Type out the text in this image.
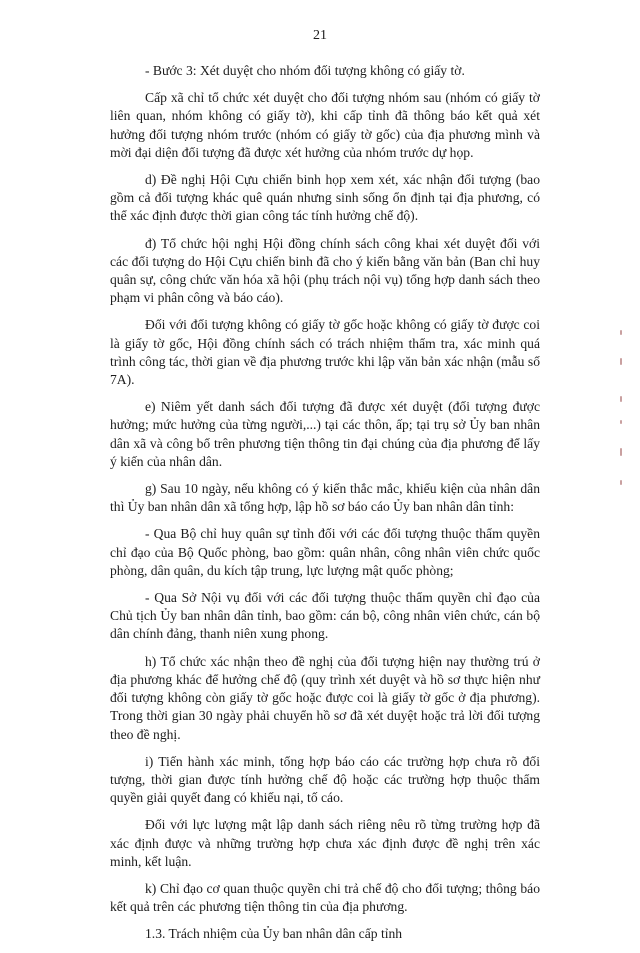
21

- Bước 3: Xét duyệt cho nhóm đối tượng không có giấy tờ.

Cấp xã chỉ tổ chức xét duyệt cho đối tượng nhóm sau (nhóm có giấy tờ liên quan, nhóm không có giấy tờ), khi cấp tỉnh đã thông báo kết quả xét hưởng đối tượng nhóm trước (nhóm có giấy tờ gốc) của địa phương mình và mời đại diện đối tượng đã được xét hưởng của nhóm trước dự họp.

d) Đề nghị Hội Cựu chiến binh họp xem xét, xác nhận đối tượng (bao gồm cả đối tượng khác quê quán nhưng sinh sống ổn định tại địa phương, có thể xác định được thời gian công tác tính hưởng chế độ).

đ) Tổ chức hội nghị Hội đồng chính sách công khai xét duyệt đối với các đối tượng do Hội Cựu chiến binh đã cho ý kiến bằng văn bản (Ban chỉ huy quân sự, công chức văn hóa xã hội (phụ trách nội vụ) tổng hợp danh sách theo phạm vi phân công và báo cáo).

Đối với đối tượng không có giấy tờ gốc hoặc không có giấy tờ được coi là giấy tờ gốc, Hội đồng chính sách có trách nhiệm thẩm tra, xác minh quá trình công tác, thời gian về địa phương trước khi lập văn bản xác nhận (mẫu số 7A).

e) Niêm yết danh sách đối tượng đã được xét duyệt (đối tượng được hưởng; mức hưởng của từng người,...) tại các thôn, ấp; tại trụ sở Ủy ban nhân dân xã và công bố trên phương tiện thông tin đại chúng của địa phương để lấy ý kiến của nhân dân.

g) Sau 10 ngày, nếu không có ý kiến thắc mắc, khiếu kiện của nhân dân thì Ủy ban nhân dân xã tổng hợp, lập hồ sơ báo cáo Ủy ban nhân dân tỉnh:

- Qua Bộ chỉ huy quân sự tỉnh đối với các đối tượng thuộc thẩm quyền chỉ đạo của Bộ Quốc phòng, bao gồm: quân nhân, công nhân viên chức quốc phòng, dân quân, du kích tập trung, lực lượng mật quốc phòng;

- Qua Sở Nội vụ đối với các đối tượng thuộc thẩm quyền chỉ đạo của Chủ tịch Ủy ban nhân dân tỉnh, bao gồm: cán bộ, công nhân viên chức, cán bộ dân chính đảng, thanh niên xung phong.

h) Tổ chức xác nhận theo đề nghị của đối tượng hiện nay thường trú ở địa phương khác để hưởng chế độ (quy trình xét duyệt và hồ sơ thực hiện như đối tượng không còn giấy tờ gốc hoặc được coi là giấy tờ gốc ở địa phương). Trong thời gian 30 ngày phải chuyển hồ sơ đã xét duyệt hoặc trả lời đối tượng theo đề nghị.

i) Tiến hành xác minh, tổng hợp báo cáo các trường hợp chưa rõ đối tượng, thời gian được tính hưởng chế độ hoặc các trường hợp thuộc thẩm quyền giải quyết đang có khiếu nại, tố cáo.

Đối với lực lượng mật lập danh sách riêng nêu rõ từng trường hợp đã xác định được và những trường hợp chưa xác định được đề nghị trên xác minh, kết luận.

k) Chỉ đạo cơ quan thuộc quyền chi trả chế độ cho đối tượng; thông báo kết quả trên các phương tiện thông tin của địa phương.

1.3. Trách nhiệm của Ủy ban nhân dân cấp tỉnh
